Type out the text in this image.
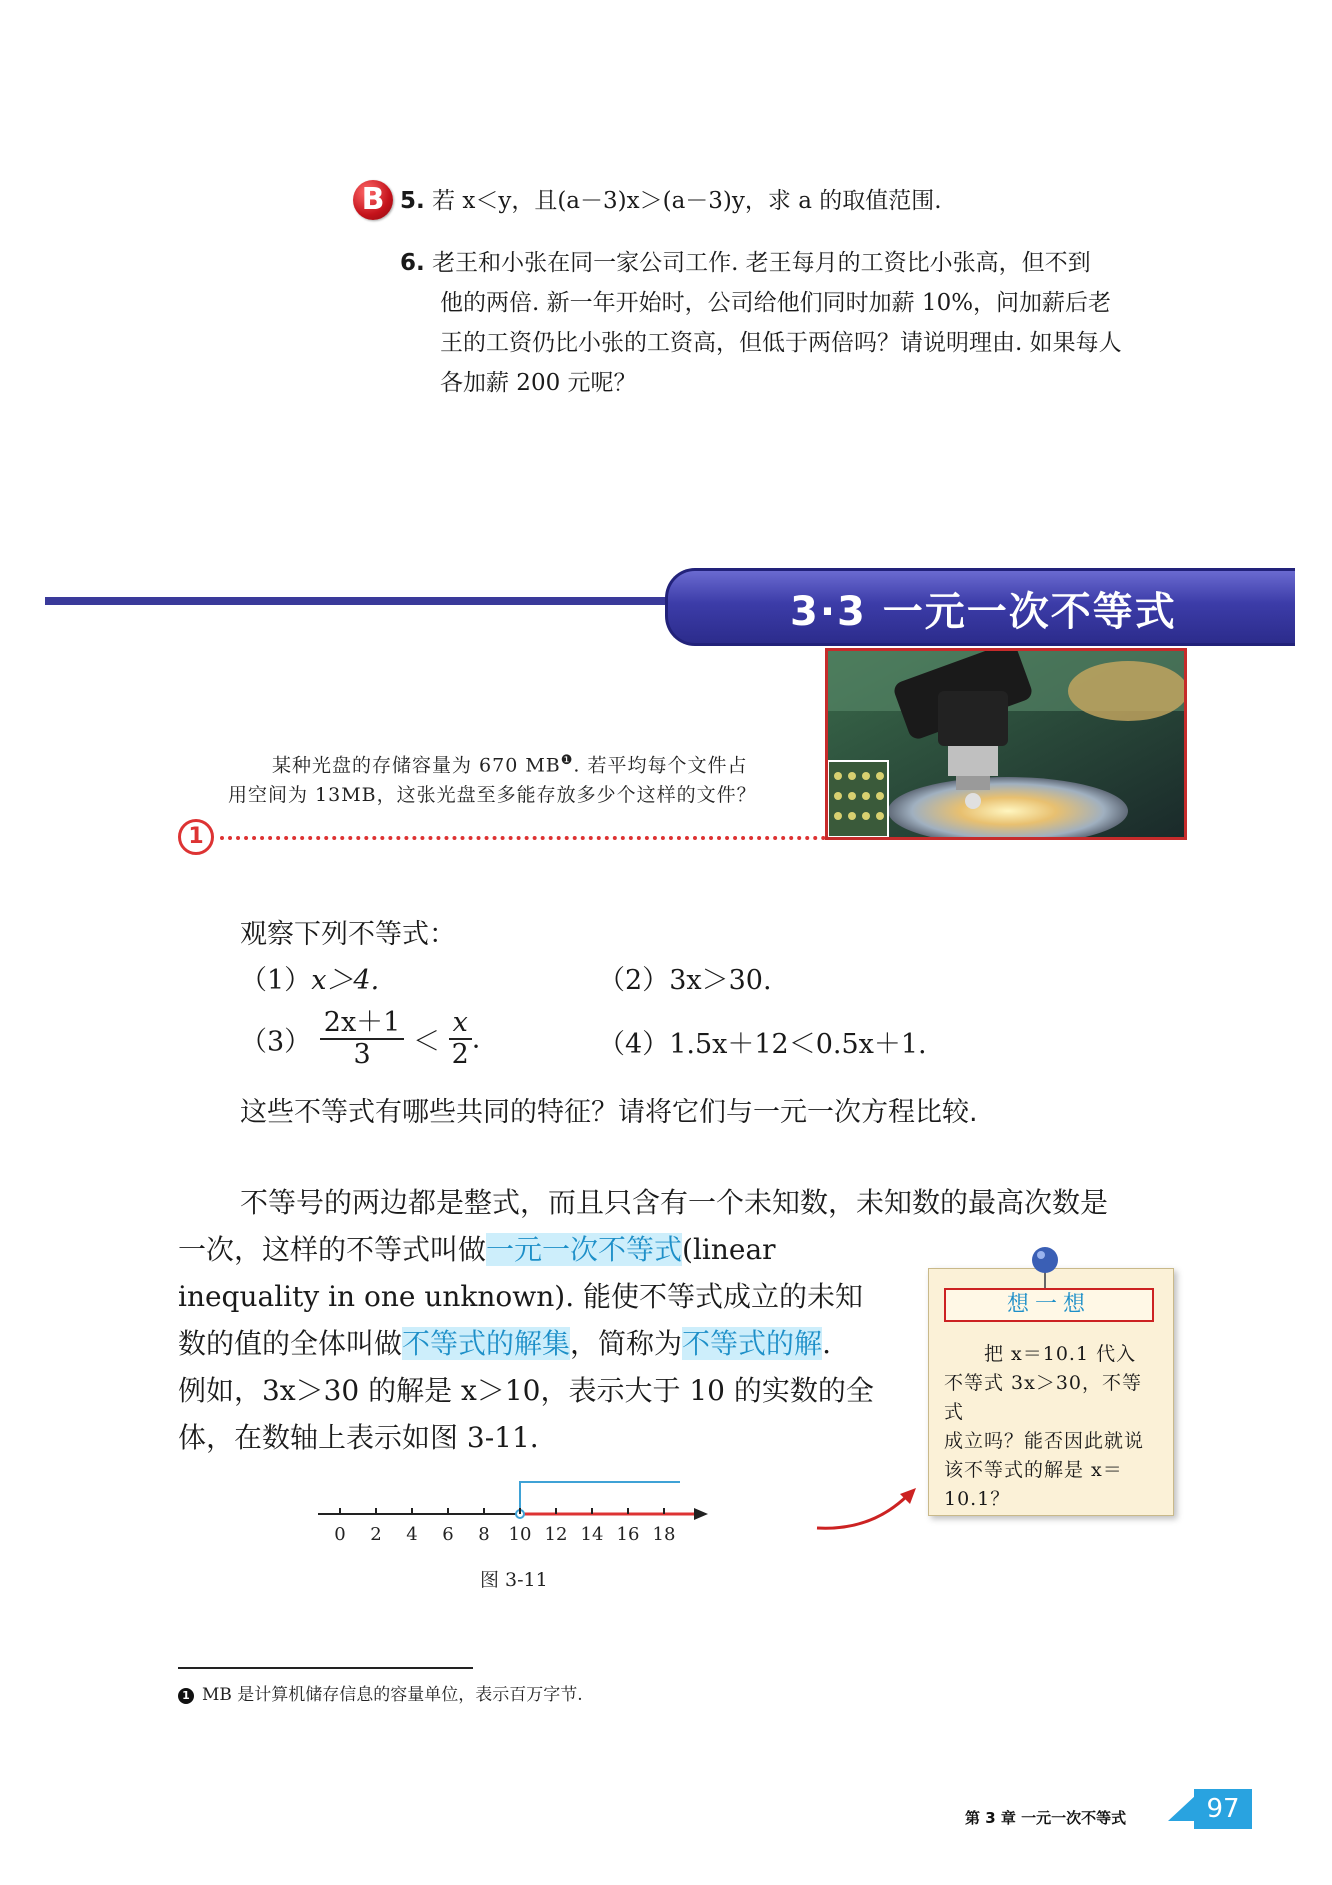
B 5. 若 x＜y，且(a－3)x＞(a－3)y，求 a 的取值范围.
6. 老王和小张在同一家公司工作. 老王每月的工资比小张高，但不到
他的两倍. 新一年开始时，公司给他们同时加薪 10%，问加薪后老
王的工资仍比小张的工资高，但低于两倍吗？请说明理由. 如果每人
各加薪 200 元呢？
3·3 一元一次不等式
某种光盘的存储容量为 670 $MB^❶$. 若平均每个文件占
用空间为 13MB，这张光盘至多能存放多少个这样的文件？
1
观察下列不等式：
（1）x＞4.	（2）3x＞30.
$(3) \frac{2x+1}{3} < \frac{x}{2}$ .	（4）1.5x＋12＜0.5x＋1.
这些不等式有哪些共同的特征？请将它们与一元一次方程比较.
不等号的两边都是整式，而且只含有一个未知数，未知数的最高次数是
一次，这样的不等式叫做一元一次不等式(linear
inequality in one unknown). 能使不等式成立的未知
数的值的全体叫做不等式的解集，简称为不等式的解.
例如，3x＞30 的解是 x＞10，表示大于 10 的实数的全
体，在数轴上表示如图 3-11.
0 2 4 6 8 10 12 14 16 18
图 3-11
想一想
把 x＝10.1 代入
不等式 3x＞30，不等式
成立吗？能否因此就说
该不等式的解是 x＝
10.1？
1 MB 是计算机储存信息的容量单位，表示百万字节.
第 3 章 一元一次不等式	97
